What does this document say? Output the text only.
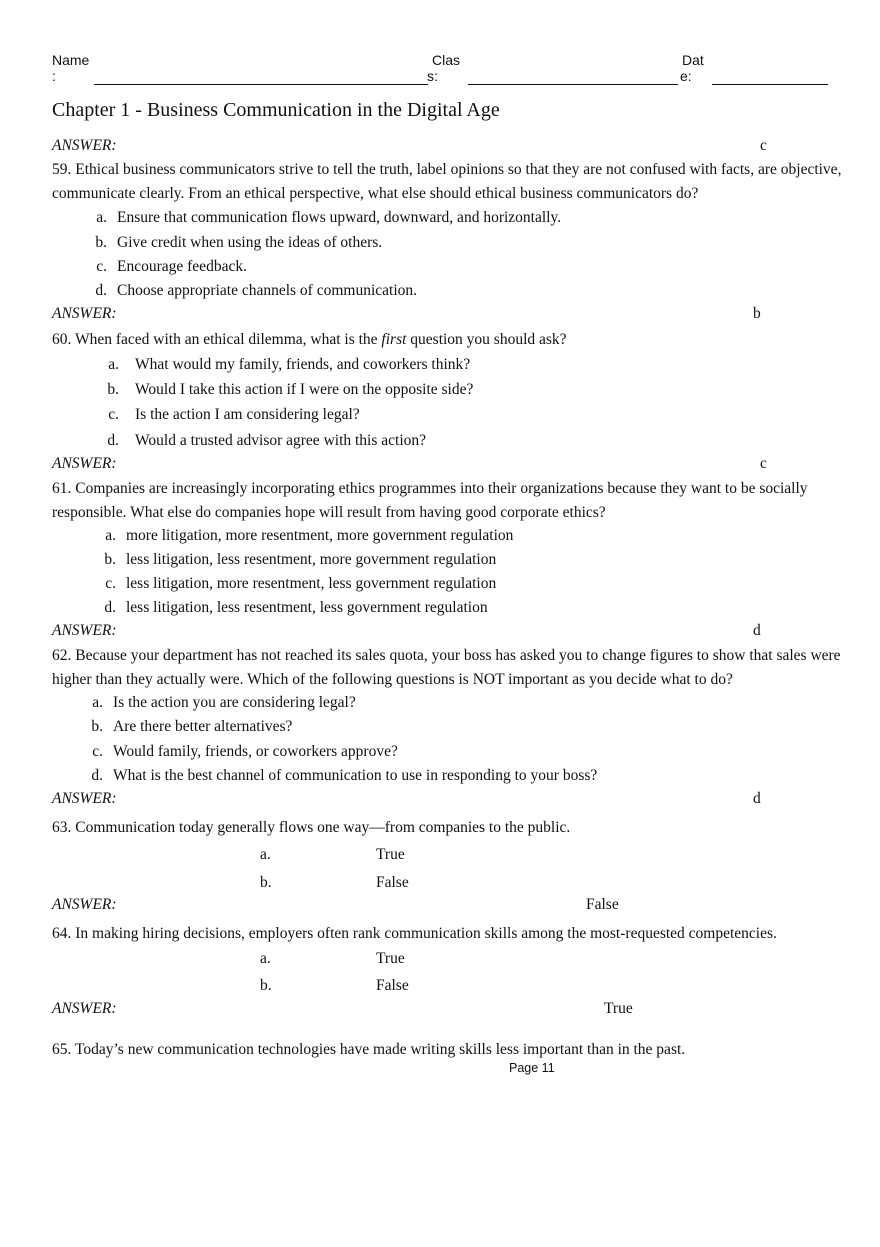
Name
:
Clas
s:
Dat
e:
Chapter 1 - Business Communication in the Digital Age
ANSWER:	c
59. Ethical business communicators strive to tell the truth, label opinions so that they are not confused with facts, are objective, communicate clearly. From an ethical perspective, what else should ethical business communicators do?
a. Ensure that communication flows upward, downward, and horizontally.
b. Give credit when using the ideas of others.
c. Encourage feedback.
d. Choose appropriate channels of communication.
ANSWER:	b
60. When faced with an ethical dilemma, what is the first question you should ask?
a. What would my family, friends, and coworkers think?
b. Would I take this action if I were on the opposite side?
c. Is the action I am considering legal?
d. Would a trusted advisor agree with this action?
ANSWER:	c
61. Companies are increasingly incorporating ethics programmes into their organizations because they want to be socially responsible. What else do companies hope will result from having good corporate ethics?
a. more litigation, more resentment, more government regulation
b. less litigation, less resentment, more government regulation
c. less litigation, more resentment, less government regulation
d. less litigation, less resentment, less government regulation
ANSWER:	d
62. Because your department has not reached its sales quota, your boss has asked you to change figures to show that sales were higher than they actually were. Which of the following questions is NOT important as you decide what to do?
a. Is the action you are considering legal?
b. Are there better alternatives?
c. Would family, friends, or coworkers approve?
d. What is the best channel of communication to use in responding to your boss?
ANSWER:	d
63. Communication today generally flows one way—from companies to the public.
a.	True
b.	False
ANSWER:	False
64. In making hiring decisions, employers often rank communication skills among the most-requested competencies.
a.	True
b.	False
ANSWER:	True
65. Today’s new communication technologies have made writing skills less important than in the past.
Page 11
